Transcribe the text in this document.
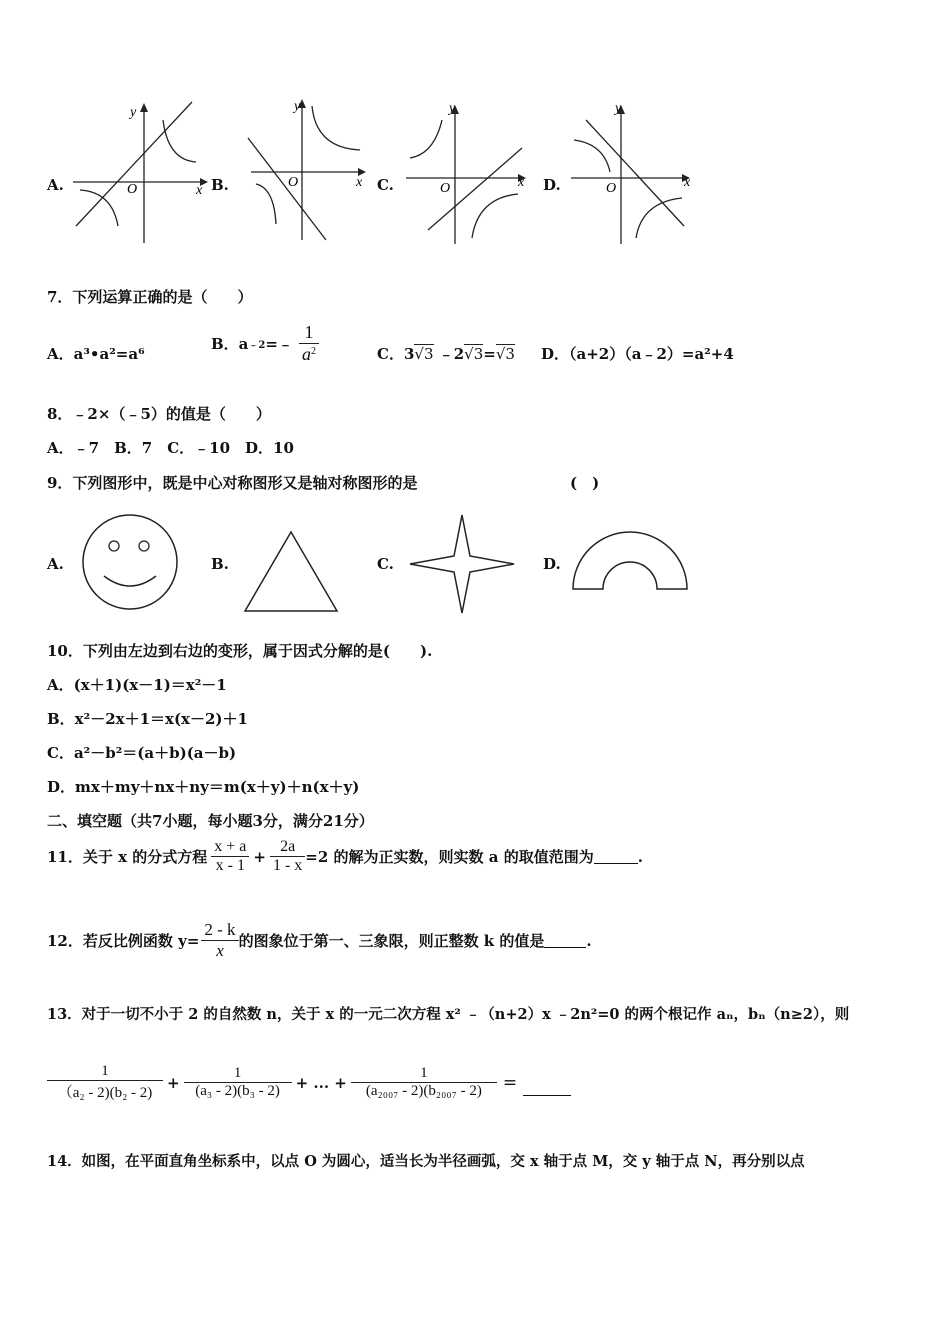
A.
y
x
O	B.
y
x
O	C.
y
x
O	D.
y
x
O
7．下列运算正确的是（　　）
A．a³•a²=a⁶
B．a ﹣2 =﹣ $\frac{1}{a^2}$	C．3√3 ﹣2√3=√3 D．（a+2）（a﹣2）=a²+4
8．﹣2×（﹣5）的值是（　　）
A．﹣7　B．7　C．﹣10　D．10
9．下列图形中，既是中心对称图形又是轴对称图形的是	(　)
A.	B.	C.	D.
10．下列由左边到右边的变形，属于因式分解的是(　　).
A．(x＋1)(x－1)＝x²－1
B．x²－2x＋1＝x(x－2)＋1
C．a²－b²＝(a＋b)(a－b)
D．mx＋my＋nx＋ny＝m(x＋y)＋n(x＋y)
二、填空题（共7小题，每小题3分，满分21分）
11．关于 x 的分式方程 $\frac{x + a}{x - 1} + \frac{2a}{1 - x} =2$ 的解为正实数，则实数 a 的取值范围为	.
12．若反比例函数 $y= \frac{2 - k}{x}$ 的图象位于第一、三象限，则正整数 k 的值是	.
13．对于一切不小于 2 的自然数 n，关于 x 的一元二次方程 x² ﹣（n+2）x ﹣2n²=0 的两个根记作 aₙ，bₙ（n≥2），则
$\frac{1}{\text{（a₂ - 2)(b₂ - 2)}} + \frac{1}{\text{(a₃ - 2)(b₃ - 2)}}$ + ... + $\frac{1}{\text{(a₂₀₀₇ - 2)(b₂₀₀₇ - 2)}}$ =
14．如图，在平面直角坐标系中，以点 O 为圆心，适当长为半径画弧，交 x 轴于点 M，交 y 轴于点 N，再分别以点
